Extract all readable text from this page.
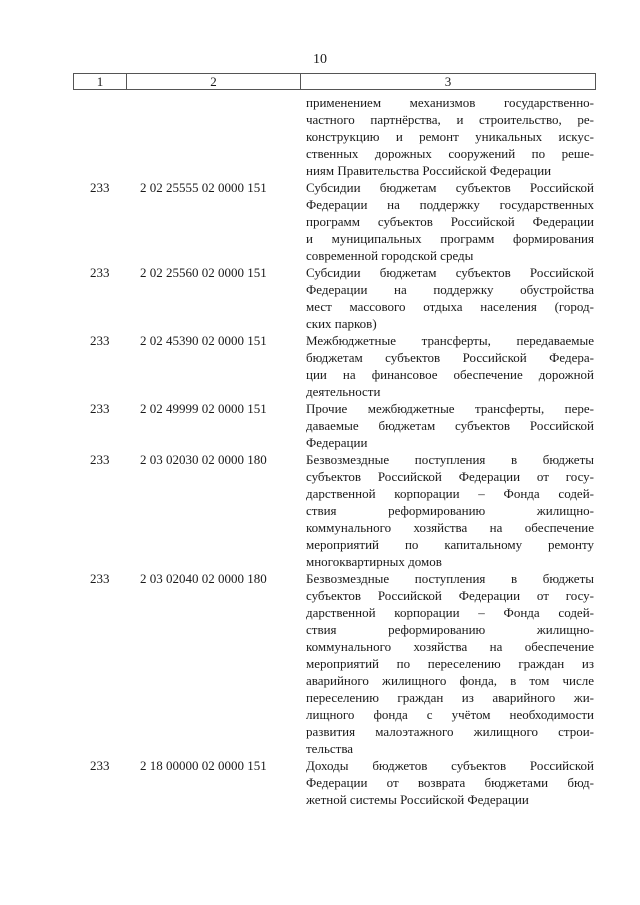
10
1	2	3
применением механизмов государственно-
частного партнёрства, и строительство, ре-
конструкцию и ремонт уникальных искус-
ственных дорожных сооружений по реше-
ниям Правительства Российской Федерации
233	2 02 25555 02 0000 151	Субсидии бюджетам субъектов Российской
Федерации на поддержку государственных
программ субъектов Российской Федерации
и муниципальных программ формирования
современной городской среды
233	2 02 25560 02 0000 151	Субсидии бюджетам субъектов Российской
Федерации на поддержку обустройства
мест массового отдыха населения (город-
ских парков)
233	2 02 45390 02 0000 151	Межбюджетные трансферты, передаваемые
бюджетам субъектов Российской Федера-
ции на финансовое обеспечение дорожной
деятельности
233	2 02 49999 02 0000 151	Прочие межбюджетные трансферты, пере-
даваемые бюджетам субъектов Российской
Федерации
233	2 03 02030 02 0000 180	Безвозмездные поступления в бюджеты
субъектов Российской Федерации от госу-
дарственной корпорации – Фонда содей-
ствия реформированию жилищно-
коммунального хозяйства на обеспечение
мероприятий по капитальному ремонту
многоквартирных домов
233	2 03 02040 02 0000 180	Безвозмездные поступления в бюджеты
субъектов Российской Федерации от госу-
дарственной корпорации – Фонда содей-
ствия реформированию жилищно-
коммунального хозяйства на обеспечение
мероприятий по переселению граждан из
аварийного жилищного фонда, в том числе
переселению граждан из аварийного жи-
лищного фонда с учётом необходимости
развития малоэтажного жилищного строи-
тельства
233	2 18 00000 02 0000 151	Доходы бюджетов субъектов Российской
Федерации от возврата бюджетами бюд-
жетной системы Российской Федерации
